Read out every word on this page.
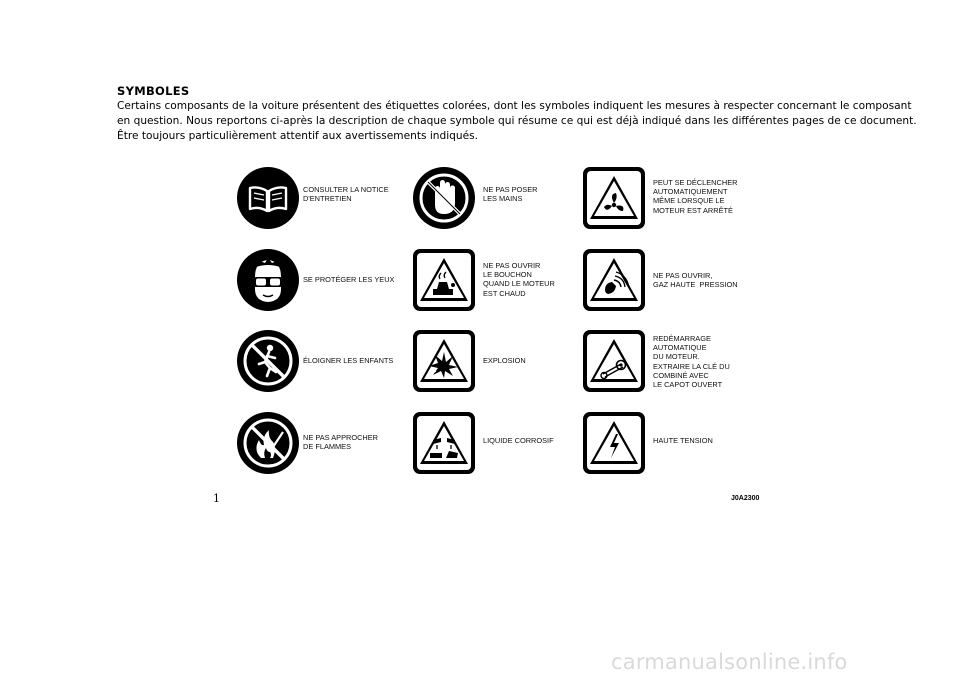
SYMBOLES
Certains composants de la voiture présentent des étiquettes colorées, dont les symboles indiquent les mesures à respecter concernant le composant
en question. Nous reportons ci-après la description de chaque symbole qui résume ce qui est déjà indiqué dans les différentes pages de ce document.
Être toujours particulièrement attentif aux avertissements indiqués.
CONSULTER LA NOTICE
D'ENTRETIEN
SE PROTÉGER LES YEUX
ÉLOIGNER LES ENFANTS
NE PAS APPROCHER
DE FLAMMES
NE PAS POSER
LES MAINS
NE PAS OUVRIR
LE BOUCHON
QUAND LE MOTEUR
EST CHAUD
EXPLOSION
LIQUIDE CORROSIF
PEUT SE DÉCLENCHER
AUTOMATIQUEMENT
MÊME LORSQUE LE
MOTEUR EST ARRÊTÉ
NE PAS OUVRIR,
GAZ HAUTE  PRESSION
REDÉMARRAGE
AUTOMATIQUE
DU MOTEUR.
EXTRAIRE LA CLÉ DU
COMBINÉ AVEC
LE CAPOT OUVERT
HAUTE TENSION
1	J0A2300
carmanualsonline.info
